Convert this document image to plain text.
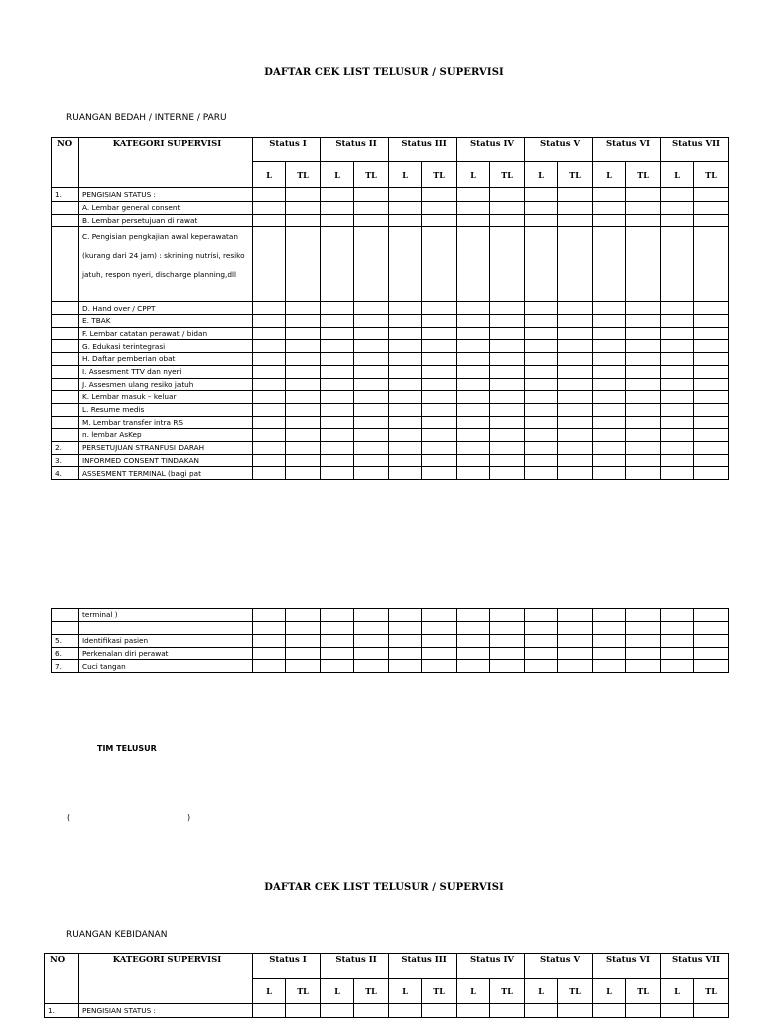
DAFTAR CEK LIST TELUSUR / SUPERVISI
RUANGAN BEDAH / INTERNE / PARU
NO	KATEGORI SUPERVISI	Status I		Status II		Status III		Status IV		Status V		Status VI		Status VII	
		L	TL	L	TL	L	TL	L	TL	L	TL	L	TL	L	TL
1.	PENGISIAN STATUS :														
	A. Lembar general consent														
	B. Lembar persetujuan di rawat														
	C. Pengisian pengkajian awal keperawatan (kurang dari 24 jam) : skrining nutrisi, resiko jatuh, respon nyeri, discharge planning,dll														
	D. Hand over / CPPT														
	E. TBAK														
	F. Lembar catatan perawat / bidan														
	G. Edukasi terintegrasi														
	H. Daftar pemberian obat														
	I. Assesment TTV dan nyeri														
	J. Assesmen ulang resiko jatuh														
	K. Lembar masuk – keluar														
	L. Resume medis														
	M. Lembar transfer intra RS														
	n. lembar AsKep														
2.	PERSETUJUAN STRANFUSI DARAH														
3.	INFORMED CONSENT TINDAKAN														
4.	ASSESMENT TERMINAL (bagi pat														
	terminal )														

5.	Identifikasi pasien														
6.	Perkenalan diri perawat														
7.	Cuci tangan														
TIM TELUSUR
(	)
DAFTAR CEK LIST TELUSUR / SUPERVISI
RUANGAN KEBIDANAN
NO	KATEGORI SUPERVISI	Status I		Status II		Status III		Status IV		Status V		Status VI		Status VII	
		L	TL	L	TL	L	TL	L	TL	L	TL	L	TL	L	TL
1.	PENGISIAN STATUS :														
